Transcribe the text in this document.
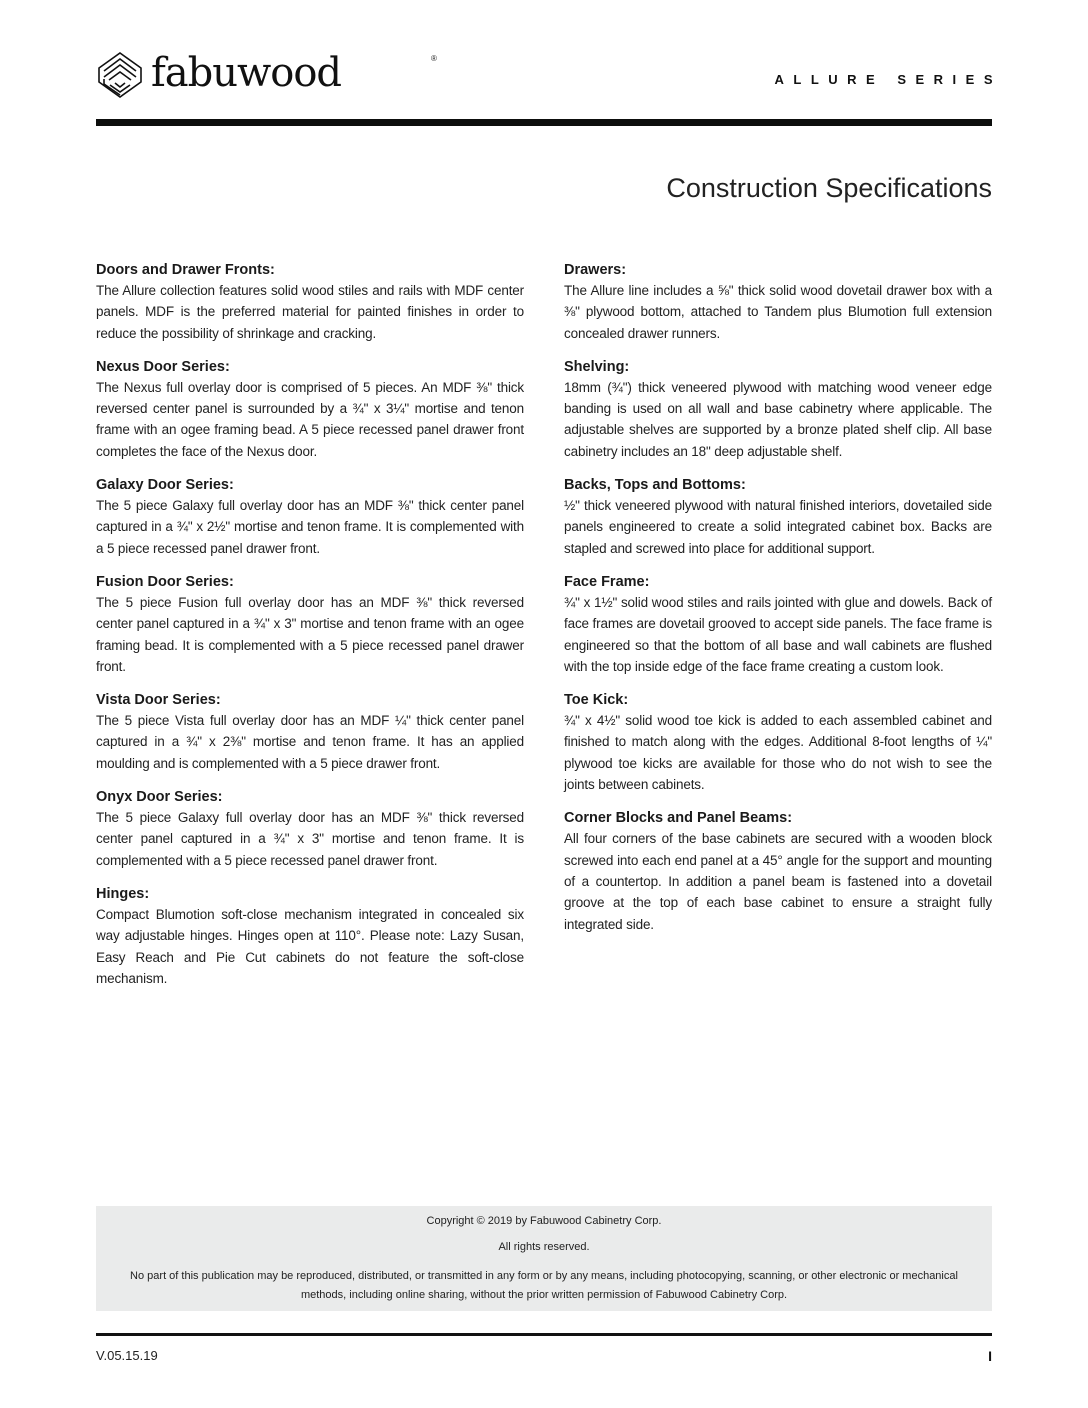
fabuwood	®
ALLURE SERIES
Construction Specifications
Doors and Drawer Fronts:

The Allure collection features solid wood stiles and rails with MDF center panels. MDF is the preferred material for painted finishes in order to reduce the possibility of shrinkage and cracking.

Nexus Door Series:

The Nexus full overlay door is comprised of 5 pieces. An MDF ⅜" thick reversed center panel is surrounded by a ¾" x 3¼" mortise and tenon frame with an ogee framing bead. A 5 piece recessed panel drawer front completes the face of the Nexus door.

Galaxy Door Series:

The 5 piece Galaxy full overlay door has an MDF ⅜" thick center panel captured in a ¾" x 2½" mortise and tenon frame. It is complemented with a 5 piece recessed panel drawer front.

Fusion Door Series:

The 5 piece Fusion full overlay door has an MDF ⅜" thick reversed center panel captured in a ¾" x 3" mortise and tenon frame with an ogee framing bead. It is complemented with a 5 piece recessed panel drawer front.

Vista Door Series:

The 5 piece Vista full overlay door has an MDF ¼" thick center panel captured in a ¾" x 2⅜" mortise and tenon frame. It has an applied moulding and is complemented with a 5 piece drawer front.

Onyx Door Series:

The 5 piece Galaxy full overlay door has an MDF ⅜" thick reversed center panel captured in a ¾" x 3" mortise and tenon frame. It is complemented with a 5 piece recessed panel drawer front.

Hinges:

Compact Blumotion soft-close mechanism integrated in concealed six way adjustable hinges. Hinges open at 110°. Please note: Lazy Susan, Easy Reach and Pie Cut cabinets do not feature the soft-close mechanism.

Drawers:

The Allure line includes a ⅝" thick solid wood dovetail drawer box with a ⅜" plywood bottom, attached to Tandem plus Blumotion full extension concealed drawer runners.

Shelving:

18mm (¾") thick veneered plywood with matching wood veneer edge banding is used on all wall and base cabinetry where applicable. The adjustable shelves are supported by a bronze plated shelf clip. All base cabinetry includes an 18" deep adjustable shelf.

Backs, Tops and Bottoms:

½" thick veneered plywood with natural finished interiors, dovetailed side panels engineered to create a solid integrated cabinet box. Backs are stapled and screwed into place for additional support.

Face Frame:

¾" x 1½" solid wood stiles and rails jointed with glue and dowels. Back of face frames are dovetail grooved to accept side panels. The face frame is engineered so that the bottom of all base and wall cabinets are flushed with the top inside edge of the face frame creating a custom look.

Toe Kick:

¾" x 4½" solid wood toe kick is added to each assembled cabinet and finished to match along with the edges. Additional 8-foot lengths of ¼" plywood toe kicks are available for those who do not wish to see the joints between cabinets.

Corner Blocks and Panel Beams:

All four corners of the base cabinets are secured with a wooden block screwed into each end panel at a 45° angle for the support and mounting of a countertop. In addition a panel beam is fastened into a dovetail groove at the top of each base cabinet to ensure a straight fully integrated side.

Copyright © 2019 by Fabuwood Cabinetry Corp.
All rights reserved.
No part of this publication may be reproduced, distributed, or transmitted in any form or by any means, including photocopying, scanning, or other electronic or mechanical methods, including online sharing, without the prior written permission of Fabuwood Cabinetry Corp.
V.05.15.19	I
